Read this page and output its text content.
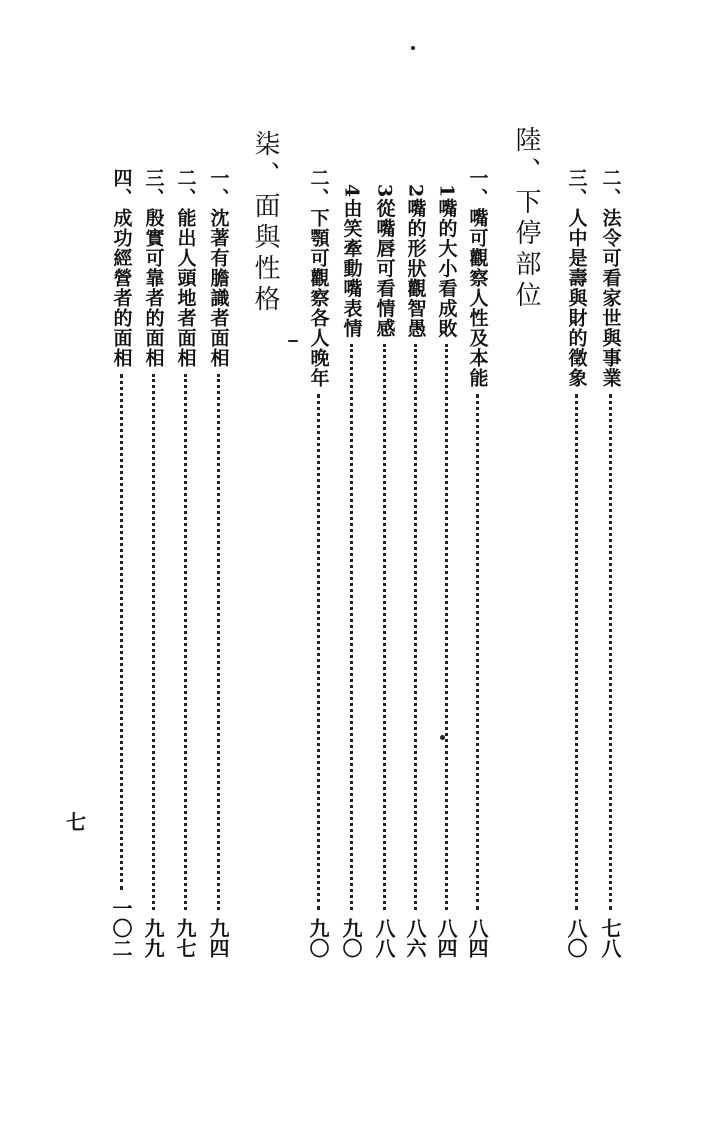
二、法令可看家世與事業
七八
三、人中是壽與財的徵象
八〇
陸、下停部位
一、嘴可觀察人性及本能
八四
1嘴的大小看成敗
八四
2嘴的形狀觀智愚
八六
3從嘴唇可看情感
八八
4由笑牽動嘴表情
九〇
二、下顎可觀察各人晚年
九〇
柒、面與性格
一、沈著有膽識者面相
九四
二、能出人頭地者面相
九七
三、殷實可靠者的面相
九九
四、成功經營者的面相
一〇二
七
